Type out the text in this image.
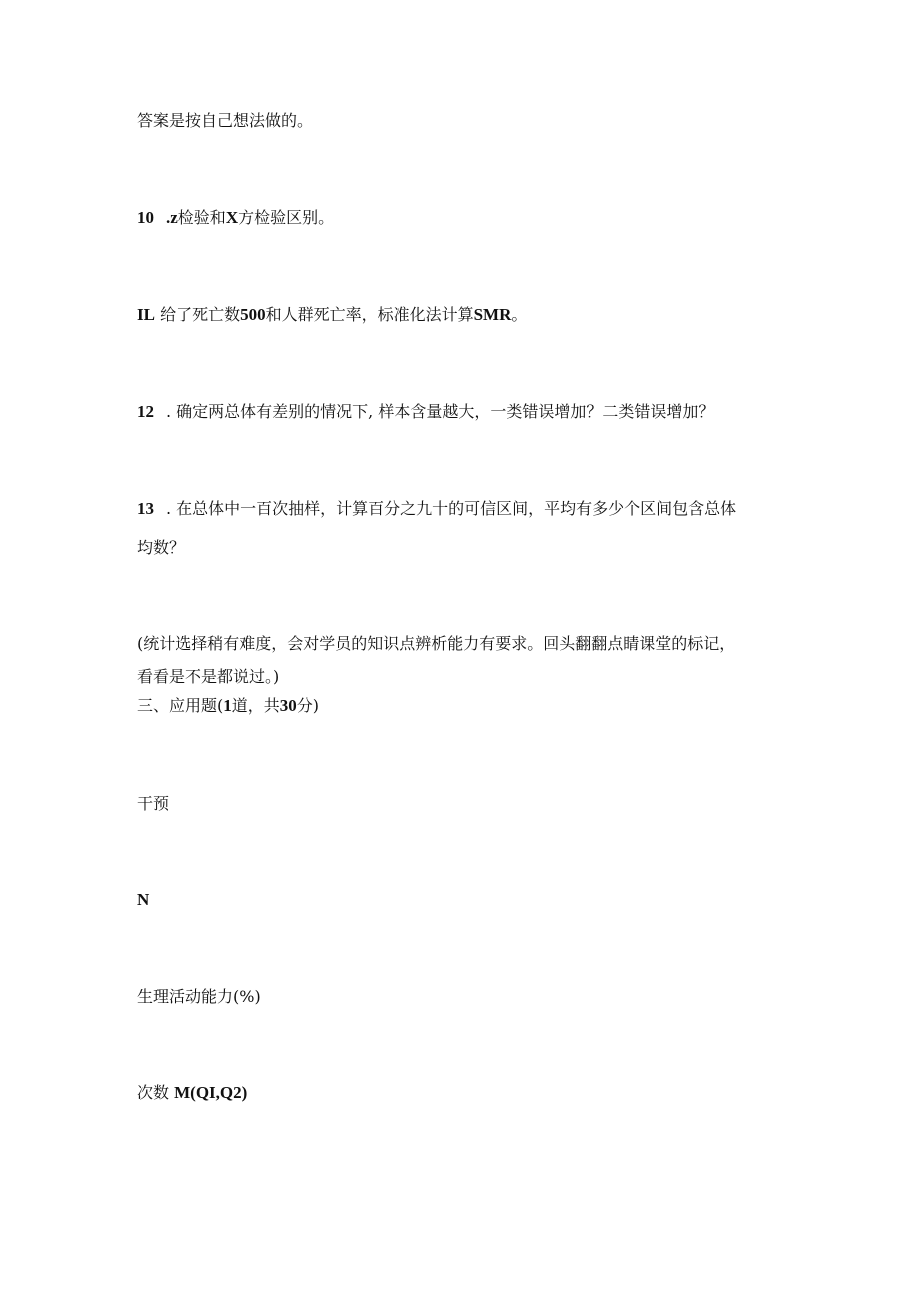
答案是按自己想法做的。
10 .z检验和X方检验区别。
IL 给了死亡数500和人群死亡率，标准化法计算SMR。
12 . 确定两总体有差别的情况下, 样本含量越大，一类错误增加？二类错误增加？
13 . 在总体中一百次抽样，计算百分之九十的可信区间，平均有多少个区间包含总体
均数？
(统计选择稍有难度，会对学员的知识点辨析能力有要求。回头翻翻点睛课堂的标记，
看看是不是都说过。)
三、应用题(1道，共30分)
干预
N
生理活动能力(%)
次数 M(QI,Q2)
